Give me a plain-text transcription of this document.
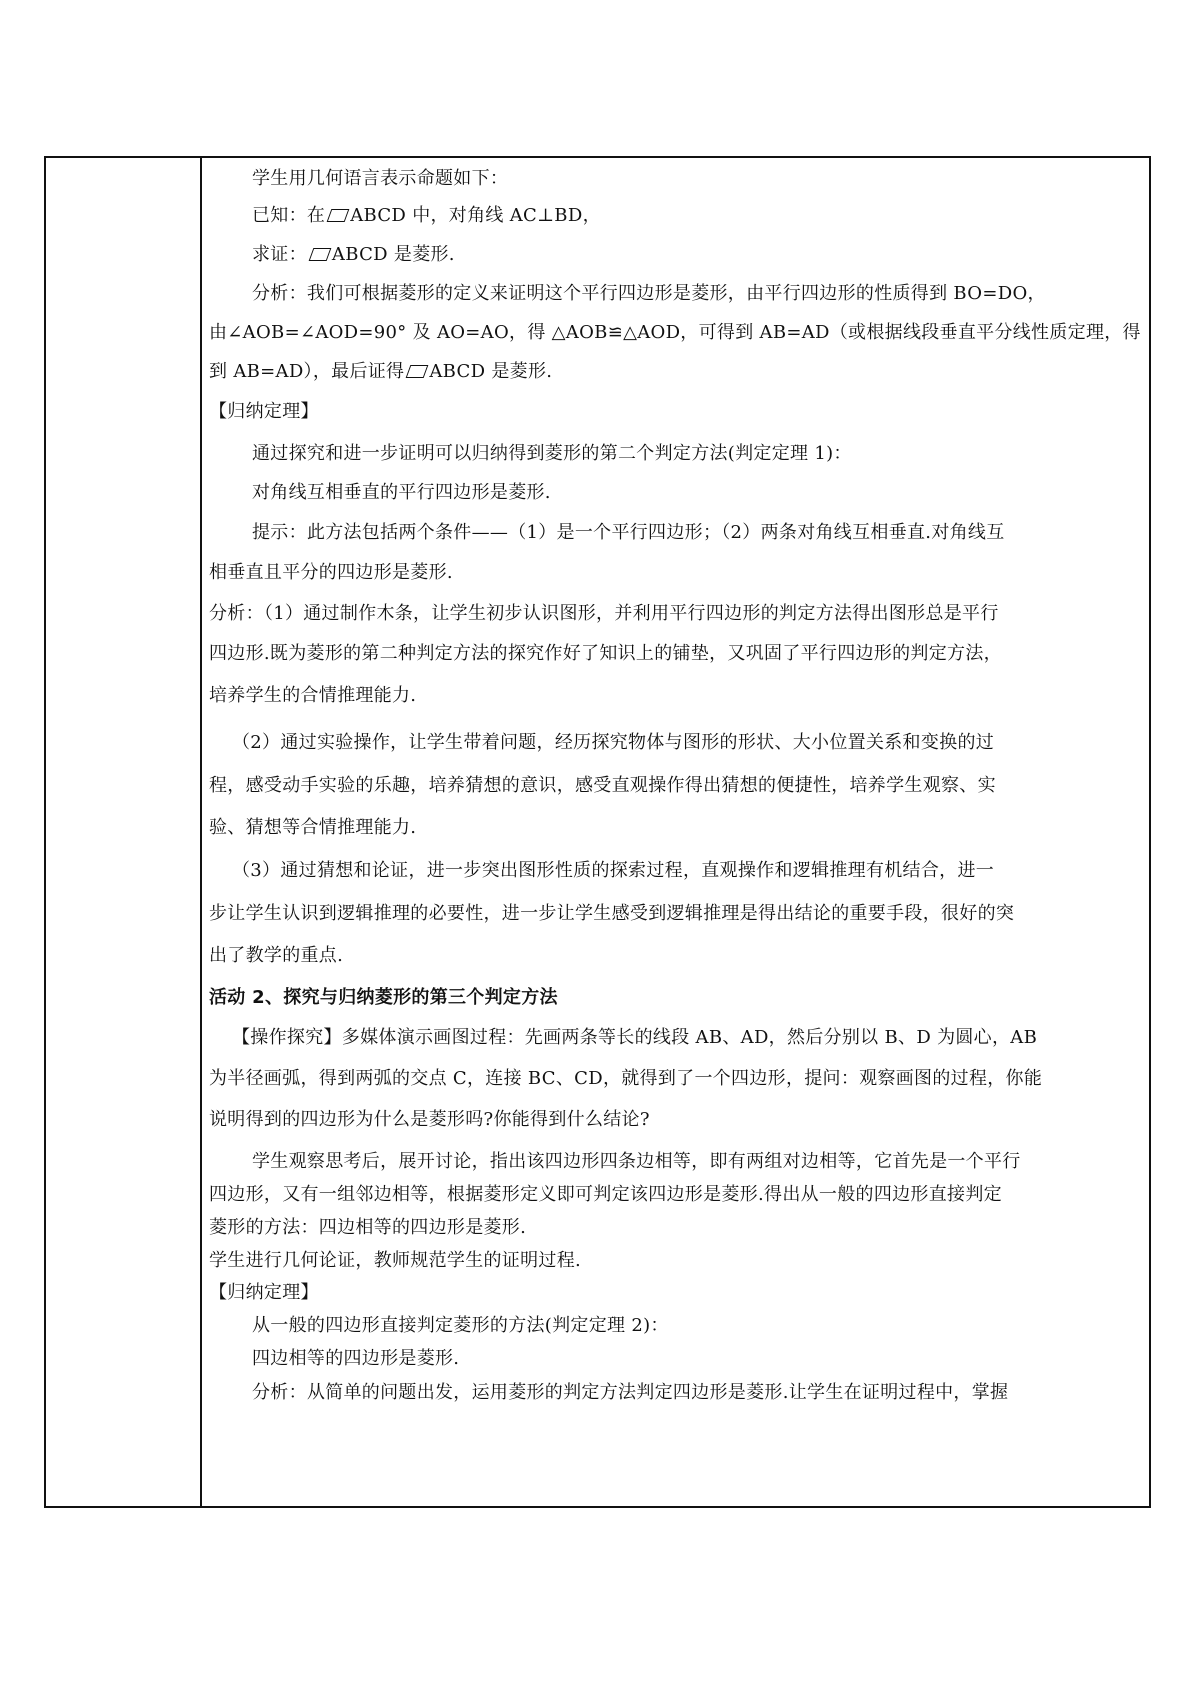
学生用几何语言表示命题如下：
已知：在 ABCD 中，对角线 AC⊥BD，
求证： ABCD 是菱形.
分析：我们可根据菱形的定义来证明这个平行四边形是菱形，由平行四边形的性质得到 BO=DO，
由∠AOB=∠AOD=90° 及 AO=AO，得 △AOB≌△AOD，可得到 AB=AD（或根据线段垂直平分线性质定理，得
到 AB=AD），最后证得 ABCD 是菱形.
【归纳定理】
通过探究和进一步证明可以归纳得到菱形的第二个判定方法(判定定理 1)：
对角线互相垂直的平行四边形是菱形.
提示：此方法包括两个条件——（1）是一个平行四边形；（2）两条对角线互相垂直.对角线互
相垂直且平分的四边形是菱形.
分析：（1）通过制作木条，让学生初步认识图形，并利用平行四边形的判定方法得出图形总是平行
四边形.既为菱形的第二种判定方法的探究作好了知识上的铺垫，又巩固了平行四边形的判定方法，
培养学生的合情推理能力.
（2）通过实验操作，让学生带着问题，经历探究物体与图形的形状、大小位置关系和变换的过
程，感受动手实验的乐趣，培养猜想的意识，感受直观操作得出猜想的便捷性，培养学生观察、实
验、猜想等合情推理能力.
（3）通过猜想和论证，进一步突出图形性质的探索过程，直观操作和逻辑推理有机结合，进一
步让学生认识到逻辑推理的必要性，进一步让学生感受到逻辑推理是得出结论的重要手段，很好的突
出了教学的重点.
活动 2、探究与归纳菱形的第三个判定方法
【操作探究】多媒体演示画图过程：先画两条等长的线段 AB、AD，然后分别以 B、D 为圆心，AB
为半径画弧，得到两弧的交点 C，连接 BC、CD，就得到了一个四边形，提问：观察画图的过程，你能
说明得到的四边形为什么是菱形吗?你能得到什么结论?
学生观察思考后，展开讨论，指出该四边形四条边相等，即有两组对边相等，它首先是一个平行
四边形，又有一组邻边相等，根据菱形定义即可判定该四边形是菱形.得出从一般的四边形直接判定
菱形的方法：四边相等的四边形是菱形.
学生进行几何论证，教师规范学生的证明过程.
【归纳定理】
从一般的四边形直接判定菱形的方法(判定定理 2)：
四边相等的四边形是菱形.
分析：从简单的问题出发，运用菱形的判定方法判定四边形是菱形.让学生在证明过程中，掌握
